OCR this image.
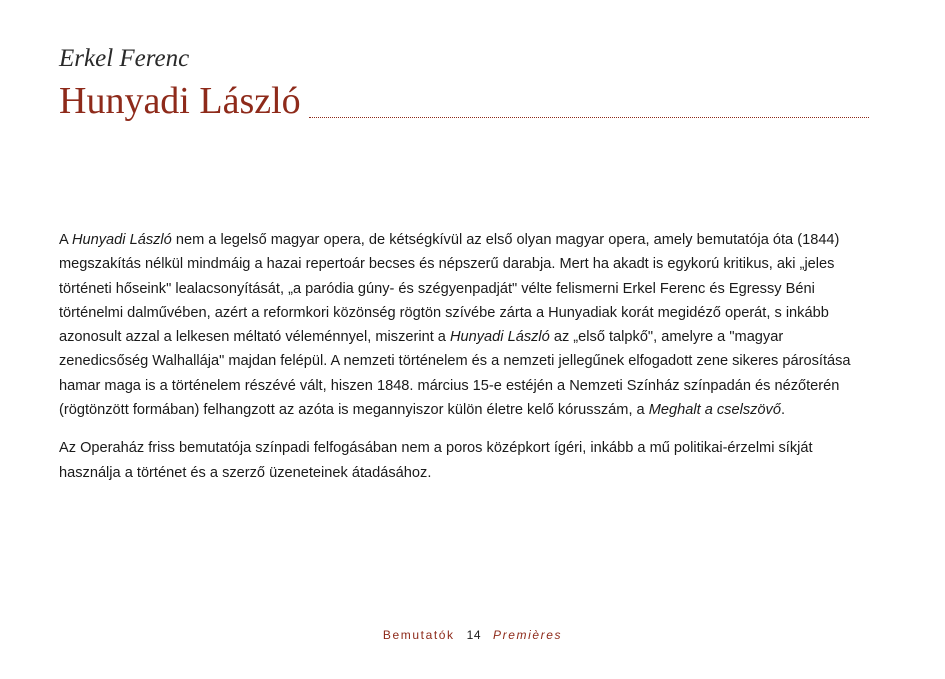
Erkel Ferenc

Hunyadi László

A Hunyadi László nem a legelső magyar opera, de kétségkívül az első olyan magyar opera, amely bemutatója óta (1844) megszakítás nélkül mindmáig a hazai repertoár becses és népszerű darabja. Mert ha akadt is egykorú kritikus, aki „jeles történeti hőseink" lealacsonyítását, „a paródia gúny- és szégyenpadját" vélte felismerni Erkel Ferenc és Egressy Béni történelmi dalművében, azért a reformkori közönség rögtön szívébe zárta a Hunyadiak korát megidéző operát, s inkább azonosult azzal a lelkesen méltató véleménnyel, miszerint a Hunyadi László az „első talpkő", amelyre a "magyar zenedicsőség Walhallája" majdan felépül. A nemzeti történelem és a nemzeti jellegűnek elfogadott zene sikeres párosítása hamar maga is a történelem részévé vált, hiszen 1848. március 15-e estéjén a Nemzeti Színház színpadán és nézőterén (rögtönzött formában) felhangzott az azóta is megannyiszor külön életre kelő kórusszám, a Meghalt a cselszövő.

Az Operaház friss bemutatója színpadi felfogásában nem a poros középkort ígéri, inkább a mű politikai-érzelmi síkját használja a történet és a szerző üzeneteinek átadásához.

Bemutatók 14 Premières
